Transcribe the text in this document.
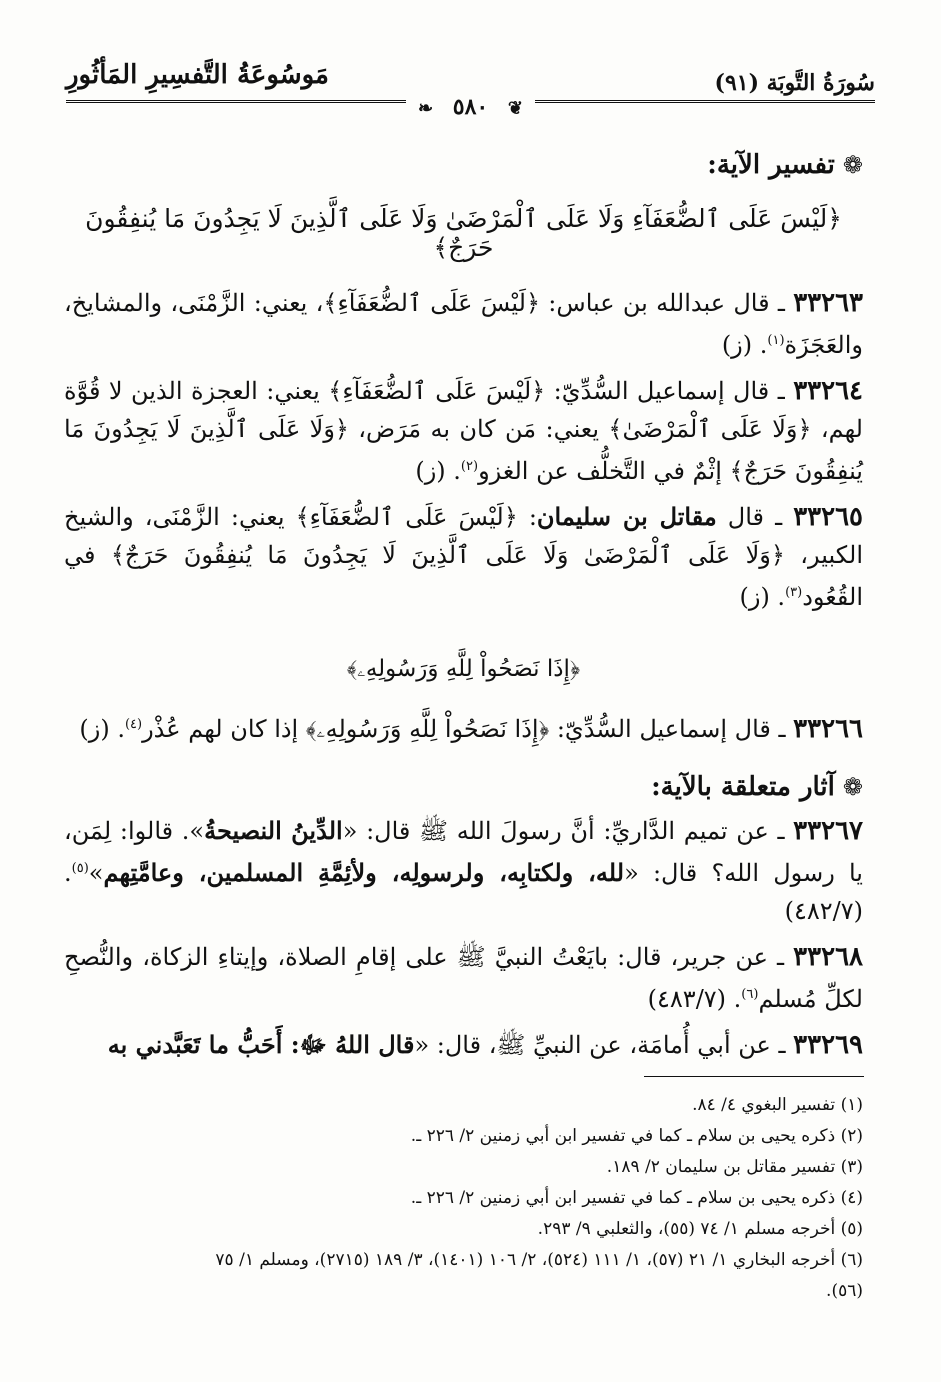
سُورَةُ التَّوبَة (٩١)
مَوسُوعَةُ التَّفسِيرِ المَأثُورِ
❦ ٥٨٠ ❧
❁
تفسير الآية:
﴿لَيْسَ عَلَى ٱلضُّعَفَآءِ وَلَا عَلَى ٱلْمَرْضَىٰ وَلَا عَلَى ٱلَّذِينَ لَا يَجِدُونَ مَا يُنفِقُونَ حَرَجٌ﴾

٣٣٢٦٣ ـ قال عبدالله بن عباس: ﴿لَيْسَ عَلَى ٱلضُّعَفَآءِ﴾، يعني: الزَّمْنَى، والمشايخ، والعَجَزَة$^{(١)}$. (ز)

٣٣٢٦٤ ـ قال إسماعيل السُّدِّيّ: ﴿لَيْسَ عَلَى ٱلضُّعَفَآءِ﴾ يعني: العجزة الذين لا قُوَّة لهم، ﴿وَلَا عَلَى ٱلْمَرْضَىٰ﴾ يعني: مَن كان به مَرَض، ﴿وَلَا عَلَى ٱلَّذِينَ لَا يَجِدُونَ مَا يُنفِقُونَ حَرَجٌ﴾ إثْمٌ في التَّخلُّف عن الغزو$^{(٢)}$. (ز)

٣٣٢٦٥ ـ قال مقاتل بن سليمان: ﴿لَيْسَ عَلَى ٱلضُّعَفَآءِ﴾ يعني: الزَّمْنَى، والشيخ الكبير، ﴿وَلَا عَلَى ٱلْمَرْضَىٰ وَلَا عَلَى ٱلَّذِينَ لَا يَجِدُونَ مَا يُنفِقُونَ حَرَجٌ﴾ في القُعُود$^{(٣)}$. (ز)

﴿إِذَا نَصَحُواْ لِلَّهِ وَرَسُولِهِۦ﴾

٣٣٢٦٦ ـ قال إسماعيل السُّدِّيّ: ﴿إِذَا نَصَحُواْ لِلَّهِ وَرَسُولِهِۦ﴾ إذا كان لهم عُذْر$^{(٤)}$. (ز)

❁
آثار متعلقة بالآية:

٣٣٢٦٧ ـ عن تميم الدَّاريِّ: أنَّ رسولَ الله ﷺ قال: «الدِّينُ النصيحةُ». قالوا: لِمَن، يا رسول الله؟ قال: «لله، ولكتابِه، ولرسولِه، ولأئِمَّةِ المسلمين، وعامَّتِهم»$^{(٥)}$. (٤٨٢/٧)

٣٣٢٦٨ ـ عن جرير، قال: بايَعْتُ النبيَّ ﷺ على إقامِ الصلاة، وإيتاءِ الزكاة، والنُّصحِ لكلِّ مُسلم$^{(٦)}$. (٤٨٣/٧)

٣٣٢٦٩ ـ عن أبي أُمامَة، عن النبيِّ ﷺ، قال: «قال اللهُ ﷻ: أَحَبُّ ما تَعَبَّدني به

(١) تفسير البغوي ٤/ ٨٤.
(٢) ذكره يحيى بن سلام ـ كما في تفسير ابن أبي زمنين ٢/ ٢٢٦ ـ.
(٣) تفسير مقاتل بن سليمان ٢/ ١٨٩.
(٤) ذكره يحيى بن سلام ـ كما في تفسير ابن أبي زمنين ٢/ ٢٢٦ ـ.
(٥) أخرجه مسلم ١/ ٧٤ (٥٥)، والثعلبي ٩/ ٢٩٣.
(٦) أخرجه البخاري ١/ ٢١ (٥٧)، ١/ ١١١ (٥٢٤)، ٢/ ١٠٦ (١٤٠١)، ٣/ ١٨٩ (٢٧١٥)، ومسلم ١/ ٧٥
(٥٦).
